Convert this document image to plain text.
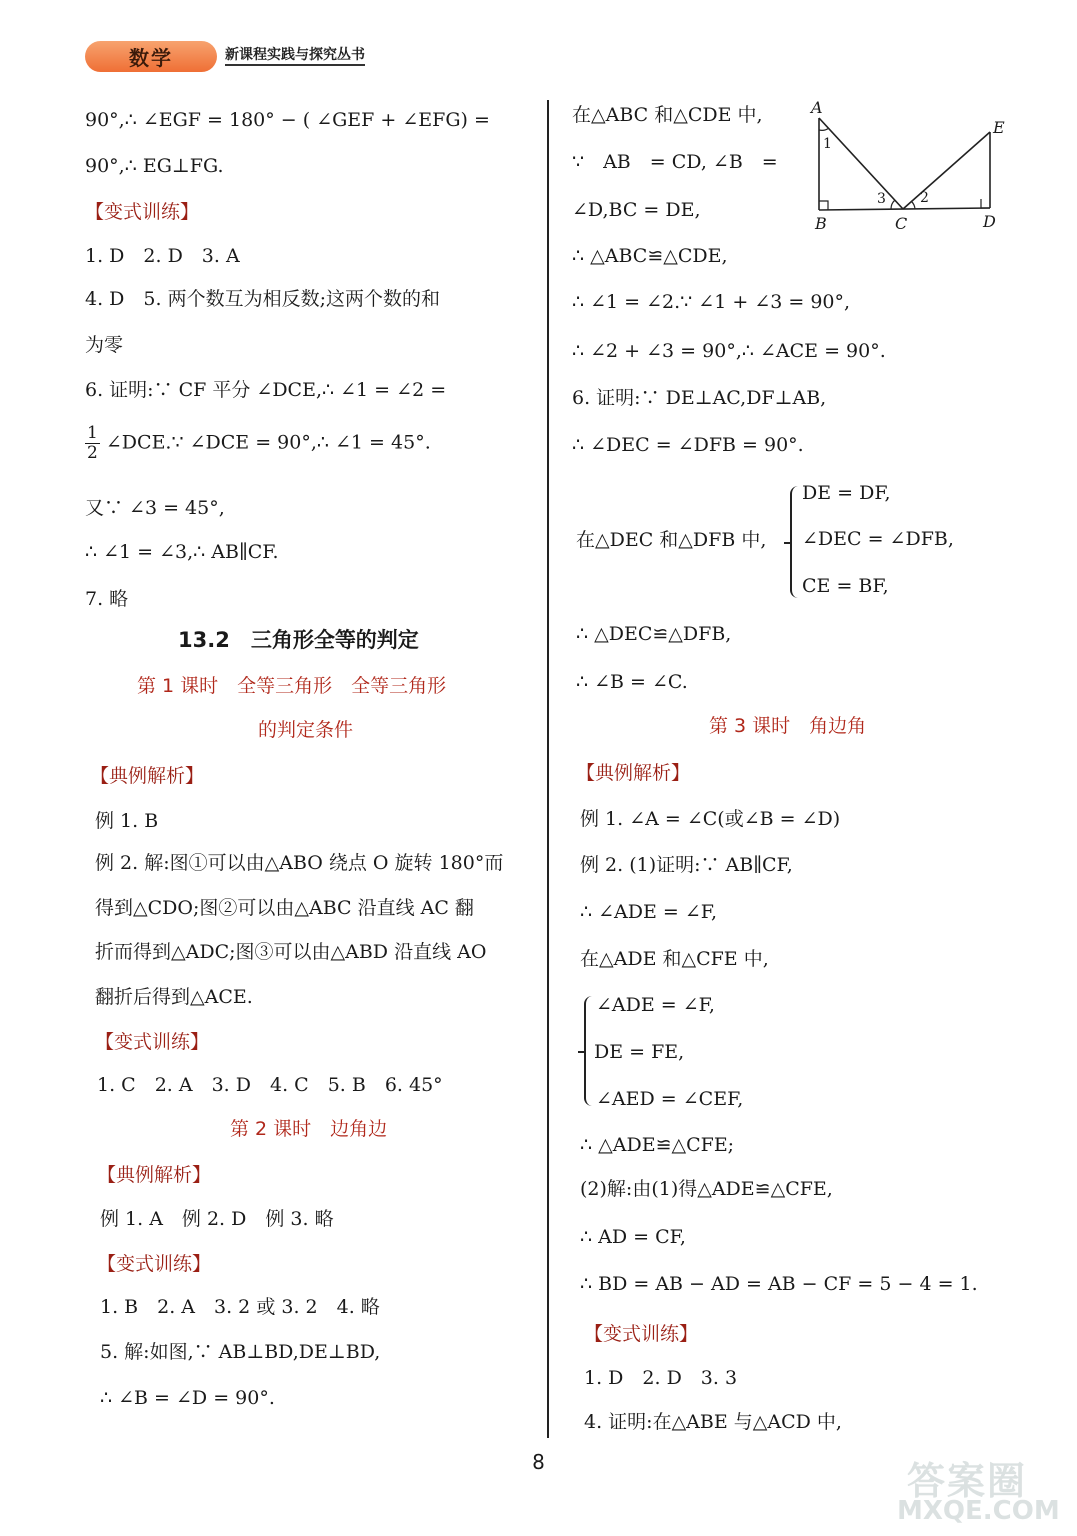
数学	新课程实践与探究丛书
90°,∴ ∠EGF = 180° − ( ∠GEF + ∠EFG) =
90°,∴ EG⊥FG.
【变式训练】
1. D　2. D　3. A
4. D　5. 两个数互为相反数;这两个数的和
为零
6. 证明:∵ CF 平分 ∠DCE,∴ ∠1 = ∠2 =
$\frac{1}{2}$ ∠DCE.∵ ∠DCE = 90°,∴ ∠1 = 45°.
又∵ ∠3 = 45°,
∴ ∠1 = ∠3,∴ AB∥CF.
7. 略
13.2　三角形全等的判定
第 1 课时　全等三角形　全等三角形
的判定条件
【典例解析】
例 1. B
例 2. 解:图①可以由△ABO 绕点 O 旋转 180°而
得到△CDO;图②可以由△ABC 沿直线 AC 翻
折而得到△ADC;图③可以由△ABD 沿直线 AO
翻折后得到△ACE.
【变式训练】
1. C　2. A　3. D　4. C　5. B　6. 45°
第 2 课时　边角边
【典例解析】
例 1. A　例 2. D　例 3. 略
【变式训练】
1. B　2. A　3. 2 或 3. 2　4. 略
5. 解:如图,∵ AB⊥BD,DE⊥BD,
∴ ∠B = ∠D = 90°.
在△ABC 和△CDE 中,
∵　AB　= CD, ∠B　=
∠D,BC = DE,
∴ △ABC≌△CDE,
∴ ∠1 = ∠2.∵ ∠1 + ∠3 = 90°,
∴ ∠2 + ∠3 = 90°,∴ ∠ACE = 90°.
6. 证明:∵ DE⊥AC,DF⊥AB,
∴ ∠DEC = ∠DFB = 90°.
在△DEC 和△DFB 中,
DE = DF,
∠DEC = ∠DFB,
CE = BF,
∴ △DEC≌△DFB,
∴ ∠B = ∠C.
第 3 课时　角边角
【典例解析】
例 1. ∠A = ∠C(或∠B = ∠D)
例 2. (1)证明:∵ AB∥CF,
∴ ∠ADE = ∠F,
在△ADE 和△CFE 中,
∠ADE = ∠F,
DE = FE,
∠AED = ∠CEF,
∴ △ADE≌△CFE;
(2)解:由(1)得△ADE≌△CFE,
∴ AD = CF,
∴ BD = AB − AD = AB − CF = 5 − 4 = 1.
【变式训练】
1. D　2. D　3. 3
4. 证明:在△ABE 与△ACD 中,
A
B	C	D
E
1
2
3
8	答案圈
MXQE.COM
